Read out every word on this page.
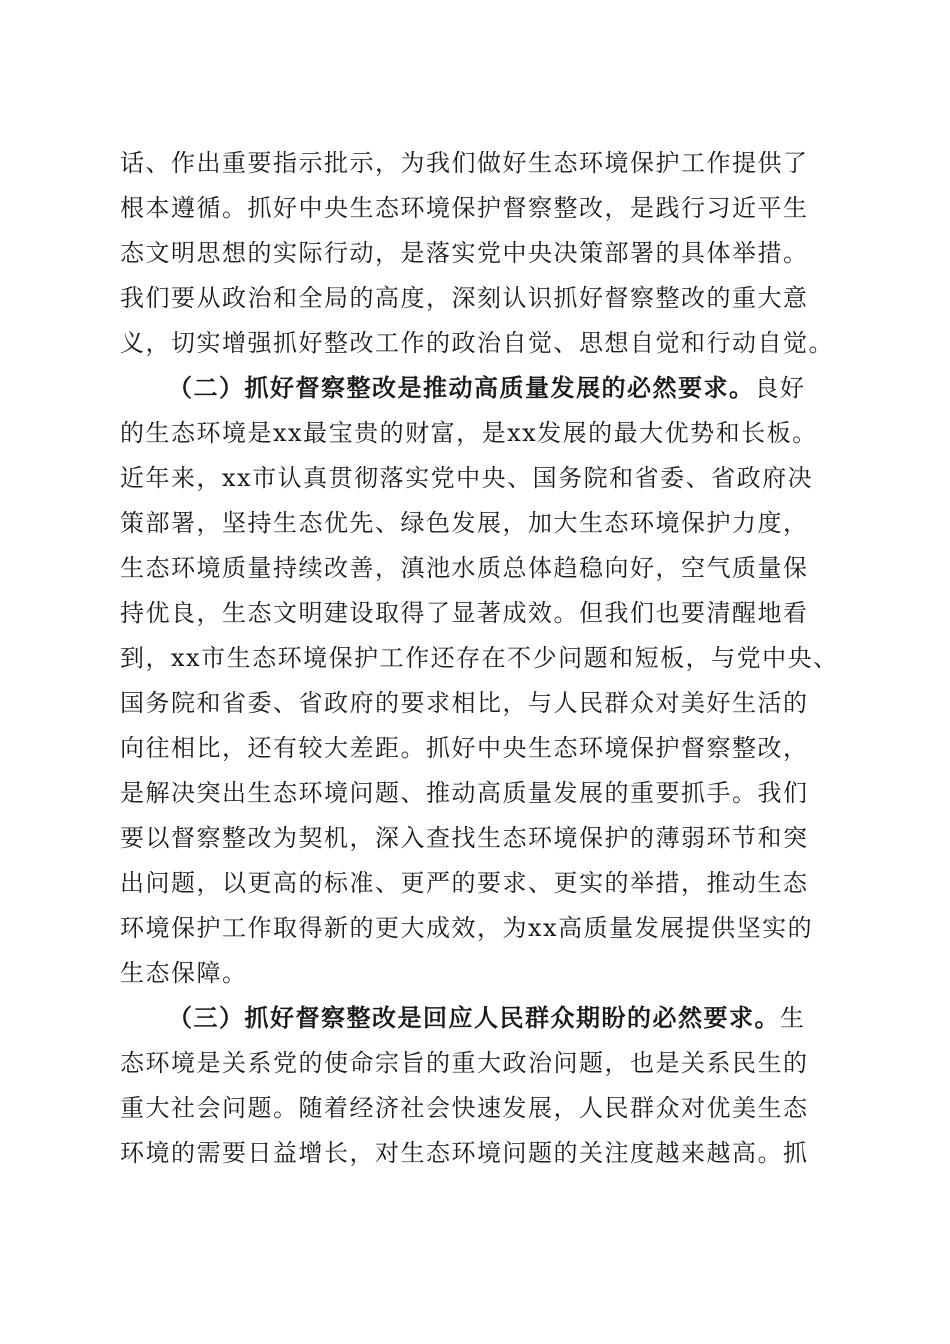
话、作出重要指示批示，为我们做好生态环境保护工作提供了
根本遵循。抓好中央生态环境保护督察整改，是践行习近平生
态文明思想的实际行动，是落实党中央决策部署的具体举措。
我们要从政治和全局的高度，深刻认识抓好督察整改的重大意
义，切实增强抓好整改工作的政治自觉、思想自觉和行动自觉。
（二）抓好督察整改是推动高质量发展的必然要求。良好
的生态环境是xx最宝贵的财富，是xx发展的最大优势和长板。
近年来，xx市认真贯彻落实党中央、国务院和省委、省政府决
策部署，坚持生态优先、绿色发展，加大生态环境保护力度，
生态环境质量持续改善，滇池水质总体趋稳向好，空气质量保
持优良，生态文明建设取得了显著成效。但我们也要清醒地看
到，xx市生态环境保护工作还存在不少问题和短板，与党中央、
国务院和省委、省政府的要求相比，与人民群众对美好生活的
向往相比，还有较大差距。抓好中央生态环境保护督察整改，
是解决突出生态环境问题、推动高质量发展的重要抓手。我们
要以督察整改为契机，深入查找生态环境保护的薄弱环节和突
出问题，以更高的标准、更严的要求、更实的举措，推动生态
环境保护工作取得新的更大成效，为xx高质量发展提供坚实的
生态保障。
（三）抓好督察整改是回应人民群众期盼的必然要求。生
态环境是关系党的使命宗旨的重大政治问题，也是关系民生的
重大社会问题。随着经济社会快速发展，人民群众对优美生态
环境的需要日益增长，对生态环境问题的关注度越来越高。抓
